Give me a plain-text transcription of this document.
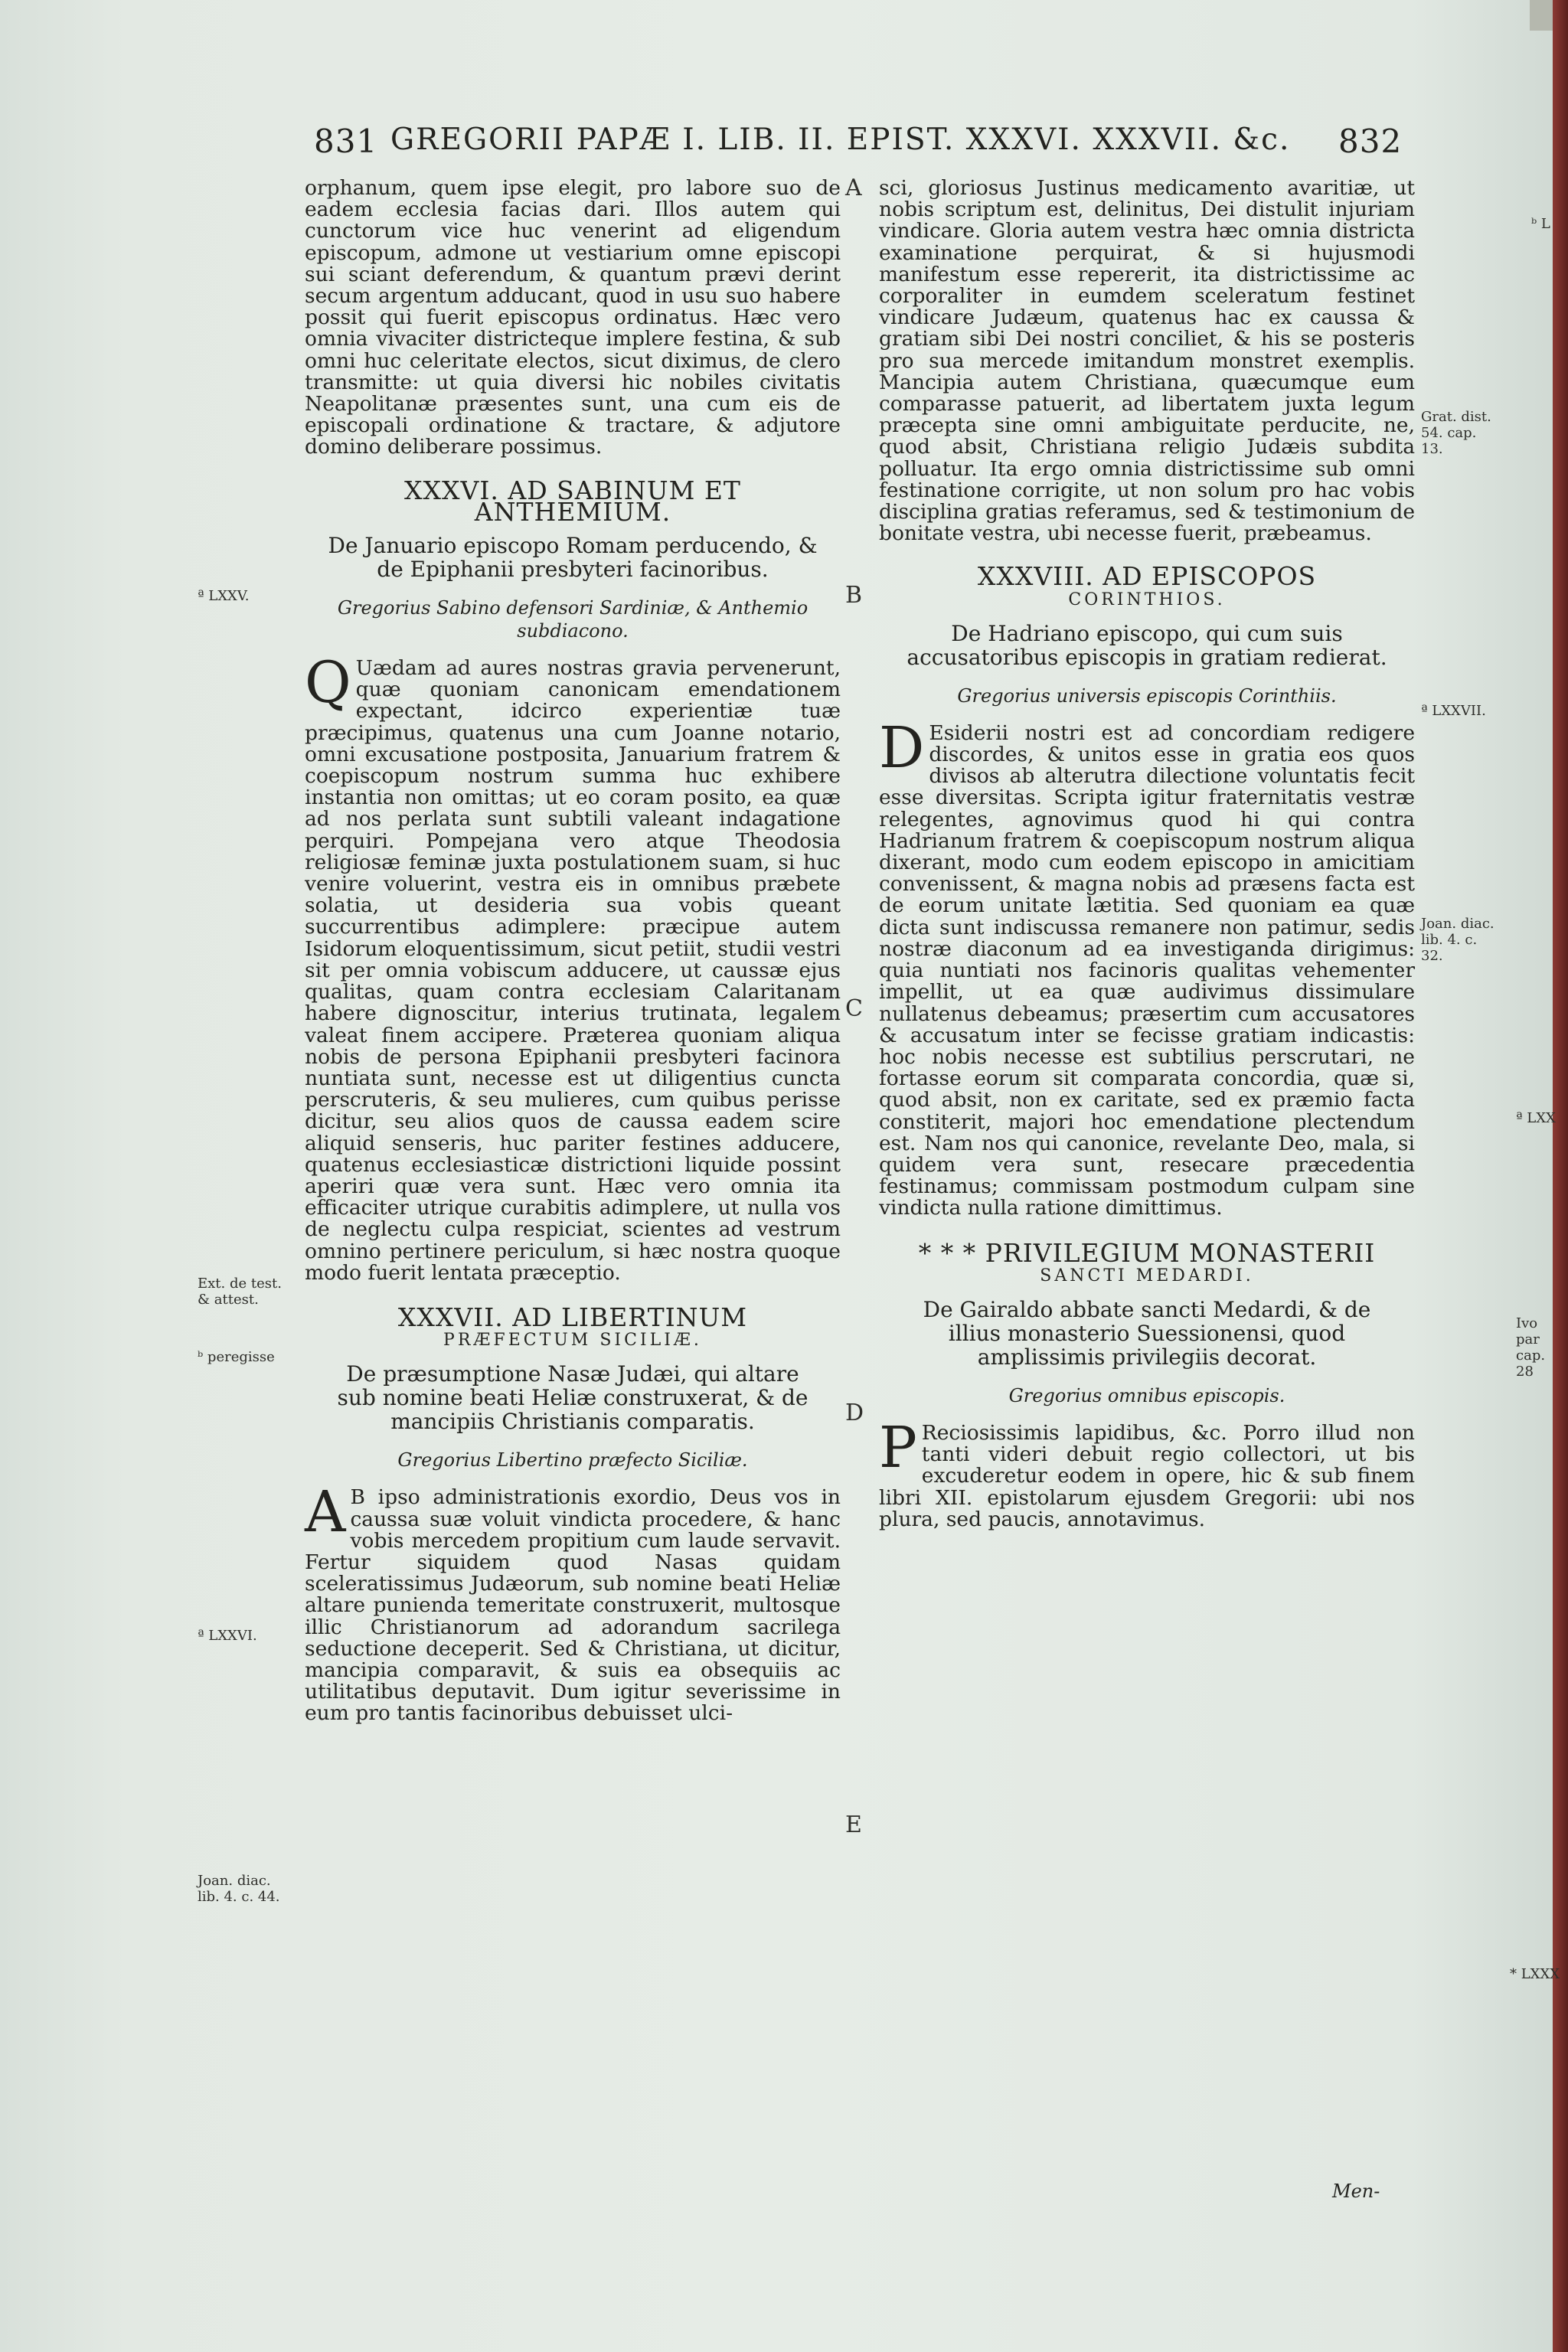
831 GREGORII PAPÆ I. LIB. II. EPIST. XXXVI. XXXVII. &c. 832

orphanum, quem ipse elegit, pro labore suo de eadem ecclesia facias dari. Illos autem qui cunctorum vice huc venerint ad eligendum episcopum, admone ut vestiarium omne episcopi sui sciant deferendum, & quantum prævi derint secum argentum adducant, quod in usu suo habere possit qui fuerit episcopus ordinatus. Hæc vero omnia vivaciter districteque implere festina, & sub omni huc celeritate electos, sicut diximus, de clero transmitte: ut quia diversi hic nobiles civitatis Neapolitanæ præsentes sunt, una cum eis de episcopali ordinatione & tractare, & adjutore domino deliberare possimus.

XXXVI. AD SABINUM ET ANTHEMIUM.
De Januario episcopo Romam perducendo, & de Epiphanii presbyteri facinoribus.
Gregorius Sabino defensori Sardiniæ, & Anthemio subdiacono.

Q Uædam ad aures nostras gravia pervenerunt, quæ quoniam canonicam emendationem expectant, idcirco experientiæ tuæ præcipimus, quatenus una cum Joanne notario, omni excusatione postposita, Januarium fratrem & coepiscopum nostrum summa huc exhibere instantia non omittas; ut eo coram posito, ea quæ ad nos perlata sunt subtili valeant indagatione perquiri. Pompejana vero atque Theodosia religiosæ feminæ juxta postulationem suam, si huc venire voluerint, vestra eis in omnibus præbete solatia, ut desideria sua vobis queant succurrentibus adimplere: præcipue autem Isidorum eloquentissimum, sicut petiit, studii vestri sit per omnia vobiscum adducere, ut caussæ ejus qualitas, quam contra ecclesiam Calaritanam habere dignoscitur, interius trutinata, legalem valeat finem accipere. Præterea quoniam aliqua nobis de persona Epiphanii presbyteri facinora nuntiata sunt, necesse est ut diligentius cuncta perscruteris, & seu mulieres, cum quibus perisse dicitur, seu alios quos de caussa eadem scire aliquid senseris, huc pariter festines adducere, quatenus ecclesiasticæ districtioni liquide possint aperiri quæ vera sunt. Hæc vero omnia ita efficaciter utrique curabitis adimplere, ut nulla vos de neglectu culpa respiciat, scientes ad vestrum omnino pertinere periculum, si hæc nostra quoque modo fuerit lentata præceptio.

XXXVII. AD LIBERTINUM
PRÆFECTUM SICILIÆ.
De præsumptione Nasæ Judæi, qui altare sub nomine beati Heliæ construxerat, & de mancipiis Christianis comparatis.
Gregorius Libertino præfecto Siciliæ.

A B ipso administrationis exordio, Deus vos in caussa suæ voluit vindicta procedere, & hanc vobis mercedem propitium cum laude servavit. Fertur siquidem quod Nasas quidam sceleratissimus Judæorum, sub nomine beati Heliæ altare punienda temeritate construxerit, multosque illic Christianorum ad adorandum sacrilega seductione deceperit. Sed & Christiana, ut dicitur, mancipia comparavit, & suis ea obsequiis ac utilitatibus deputavit. Dum igitur severissime in eum pro tantis facinoribus debuisset ulci-

sci, gloriosus Justinus medicamento avaritiæ, ut nobis scriptum est, delinitus, Dei distulit injuriam vindicare. Gloria autem vestra hæc omnia districta examinatione perquirat, & si hujusmodi manifestum esse repererit, ita districtissime ac corporaliter in eumdem sceleratum festinet vindicare Judæum, quatenus hac ex caussa & gratiam sibi Dei nostri conciliet, & his se posteris pro sua mercede imitandum monstret exemplis. Mancipia autem Christiana, quæcumque eum comparasse patuerit, ad libertatem juxta legum præcepta sine omni ambiguitate perducite, ne, quod absit, Christiana religio Judæis subdita polluatur. Ita ergo omnia districtissime sub omni festinatione corrigite, ut non solum pro hac vobis disciplina gratias referamus, sed & testimonium de bonitate vestra, ubi necesse fuerit, præbeamus.

XXXVIII. AD EPISCOPOS
CORINTHIOS.
De Hadriano episcopo, qui cum suis accusatoribus episcopis in gratiam redierat.
Gregorius universis episcopis Corinthiis.

D Esiderii nostri est ad concordiam redigere discordes, & unitos esse in gratia eos quos divisos ab alterutra dilectione voluntatis fecit esse diversitas. Scripta igitur fraternitatis vestræ relegentes, agnovimus quod hi qui contra Hadrianum fratrem & coepiscopum nostrum aliqua dixerant, modo cum eodem episcopo in amicitiam convenissent, & magna nobis ad præsens facta est de eorum unitate lætitia. Sed quoniam ea quæ dicta sunt indiscussa remanere non patimur, sedis nostræ diaconum ad ea investiganda dirigimus: quia nuntiati nos facinoris qualitas vehementer impellit, ut ea quæ audivimus dissimulare nullatenus debeamus; præsertim cum accusatores & accusatum inter se fecisse gratiam indicastis: hoc nobis necesse est subtilius perscrutari, ne fortasse eorum sit comparata concordia, quæ si, quod absit, non ex caritate, sed ex præmio facta constiterit, majori hoc emendatione plectendum est. Nam nos qui canonice, revelante Deo, mala, si quidem vera sunt, resecare præcedentia festinamus; commissam postmodum culpam sine vindicta nulla ratione dimittimus.

* * * PRIVILEGIUM MONASTERII
SANCTI MEDARDI.
De Gairaldo abbate sancti Medardi, & de illius monasterio Suessionensi, quod amplissimis privilegiis decorat.
Gregorius omnibus episcopis.

P Reciosissimis lapidibus, &c. Porro illud non tanti videri debuit regio collectori, ut bis excuderetur eodem in opere, hic & sub finem libri XII. epistolarum ejusdem Gregorii: ubi nos plura, sed paucis, annotavimus.

Men-
A
B
C
D
E
ª LXXV.
Ext. de test. & attest.
ᵇ peregisse
ª LXXVI.
Joan. diac. lib. 4. c. 44.
ᵇ L
Grat. dist. 54. cap. 13.
ª LXXVII.
Joan. diac. lib. 4. c. 32.
ª LXX
Ivo par cap. 28
* LXXX
